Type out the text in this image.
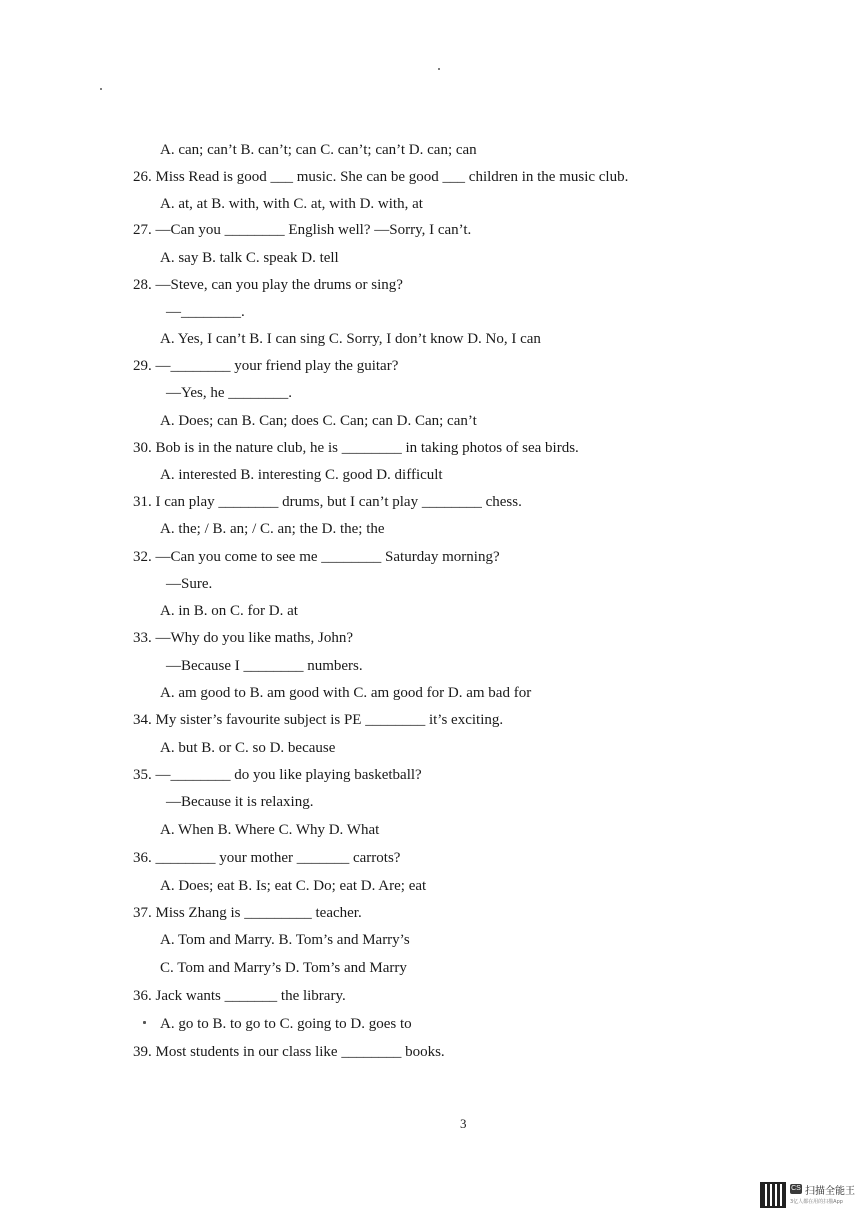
A. can; can’t B. can’t; can C. can’t; can’t D. can; can
26. Miss Read is good ___ music. She can be good ___ children in the music club.
A. at, at B. with, with C. at, with D. with, at
27. —Can you ________ English well? —Sorry, I can’t.
A. say B. talk C. speak D. tell
28. —Steve, can you play the drums or sing?
—________.
A. Yes, I can’t B. I can sing C. Sorry, I don’t know D. No, I can
29. —________ your friend play the guitar?
—Yes, he ________.
A. Does; can B. Can; does C. Can; can D. Can; can’t
30. Bob is in the nature club, he is ________ in taking photos of sea birds.
A. interested B. interesting C. good D. difficult
31. I can play ________ drums, but I can’t play ________ chess.
A. the; / B. an; / C. an; the D. the; the
32. —Can you come to see me ________ Saturday morning?
—Sure.
A. in B. on C. for D. at
33. —Why do you like maths, John?
—Because I ________ numbers.
A. am good to B. am good with C. am good for D. am bad for
34. My sister’s favourite subject is PE ________ it’s exciting.
A. but B. or C. so D. because
35. —________ do you like playing basketball?
—Because it is relaxing.
A. When B. Where C. Why D. What
36. ________ your mother _______ carrots?
A. Does; eat B. Is; eat C. Do; eat D. Are; eat
37. Miss Zhang is _________ teacher.
A. Tom and Marry. B. Tom’s and Marry’s
C. Tom and Marry’s D. Tom’s and Marry
36. Jack wants _______ the library.
A. go to B. to go to C. going to D. goes to
39. Most students in our class like ________ books.
3
CS 扫描全能王
3亿人都在用的扫描App
